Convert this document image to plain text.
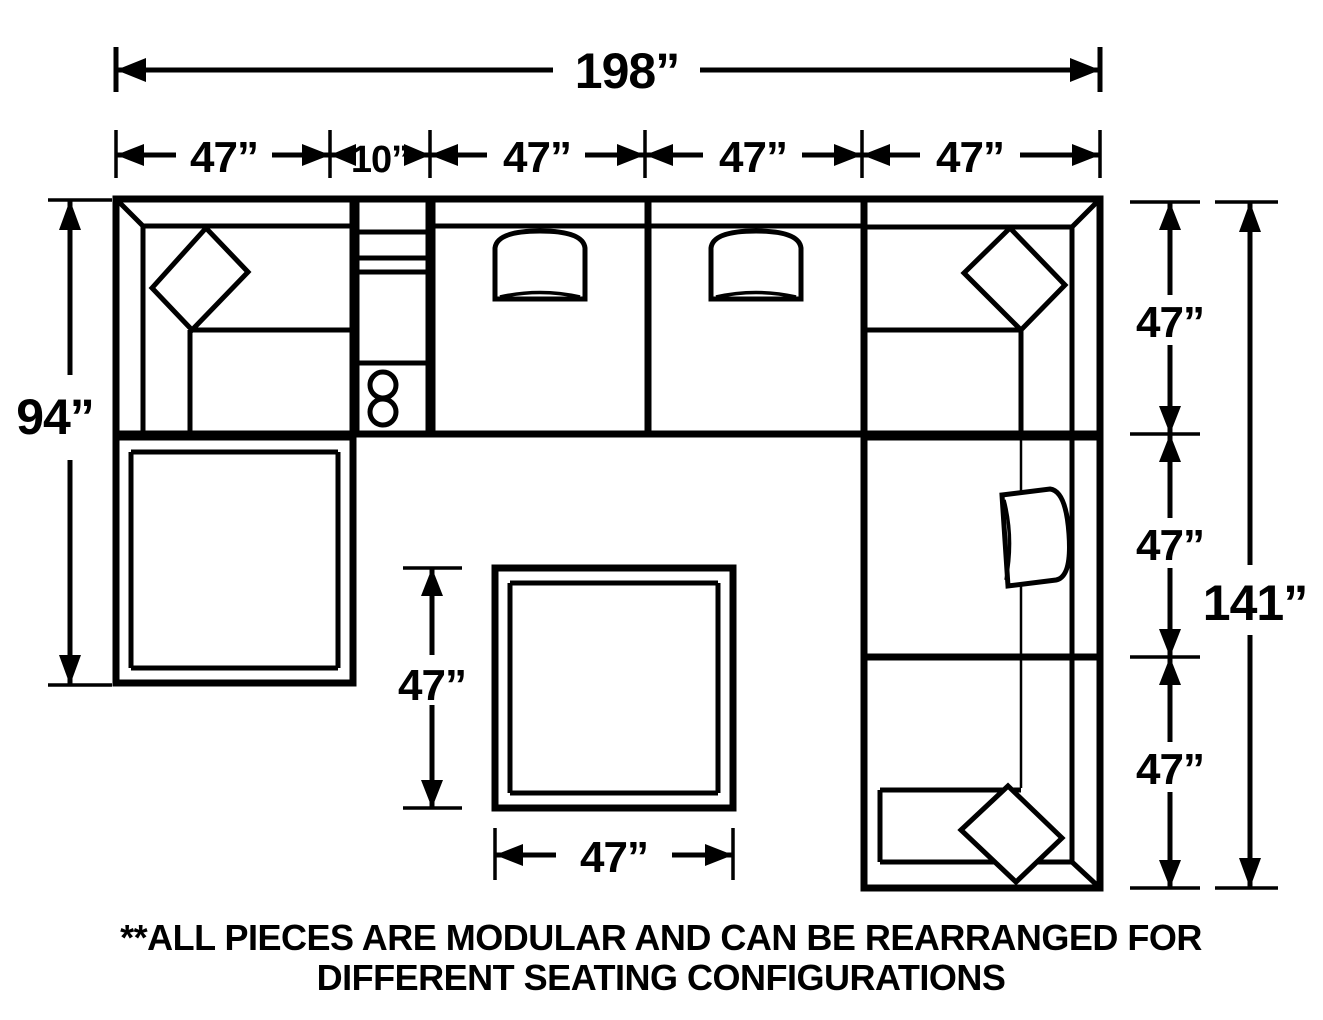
198”
47” 10” 47”	47”	47”
94”
47”
47”
47”
141”
47”
47”
**ALL PIECES ARE MODULAR AND CAN BE REARRANGED FOR
DIFFERENT SEATING CONFIGURATIONS
